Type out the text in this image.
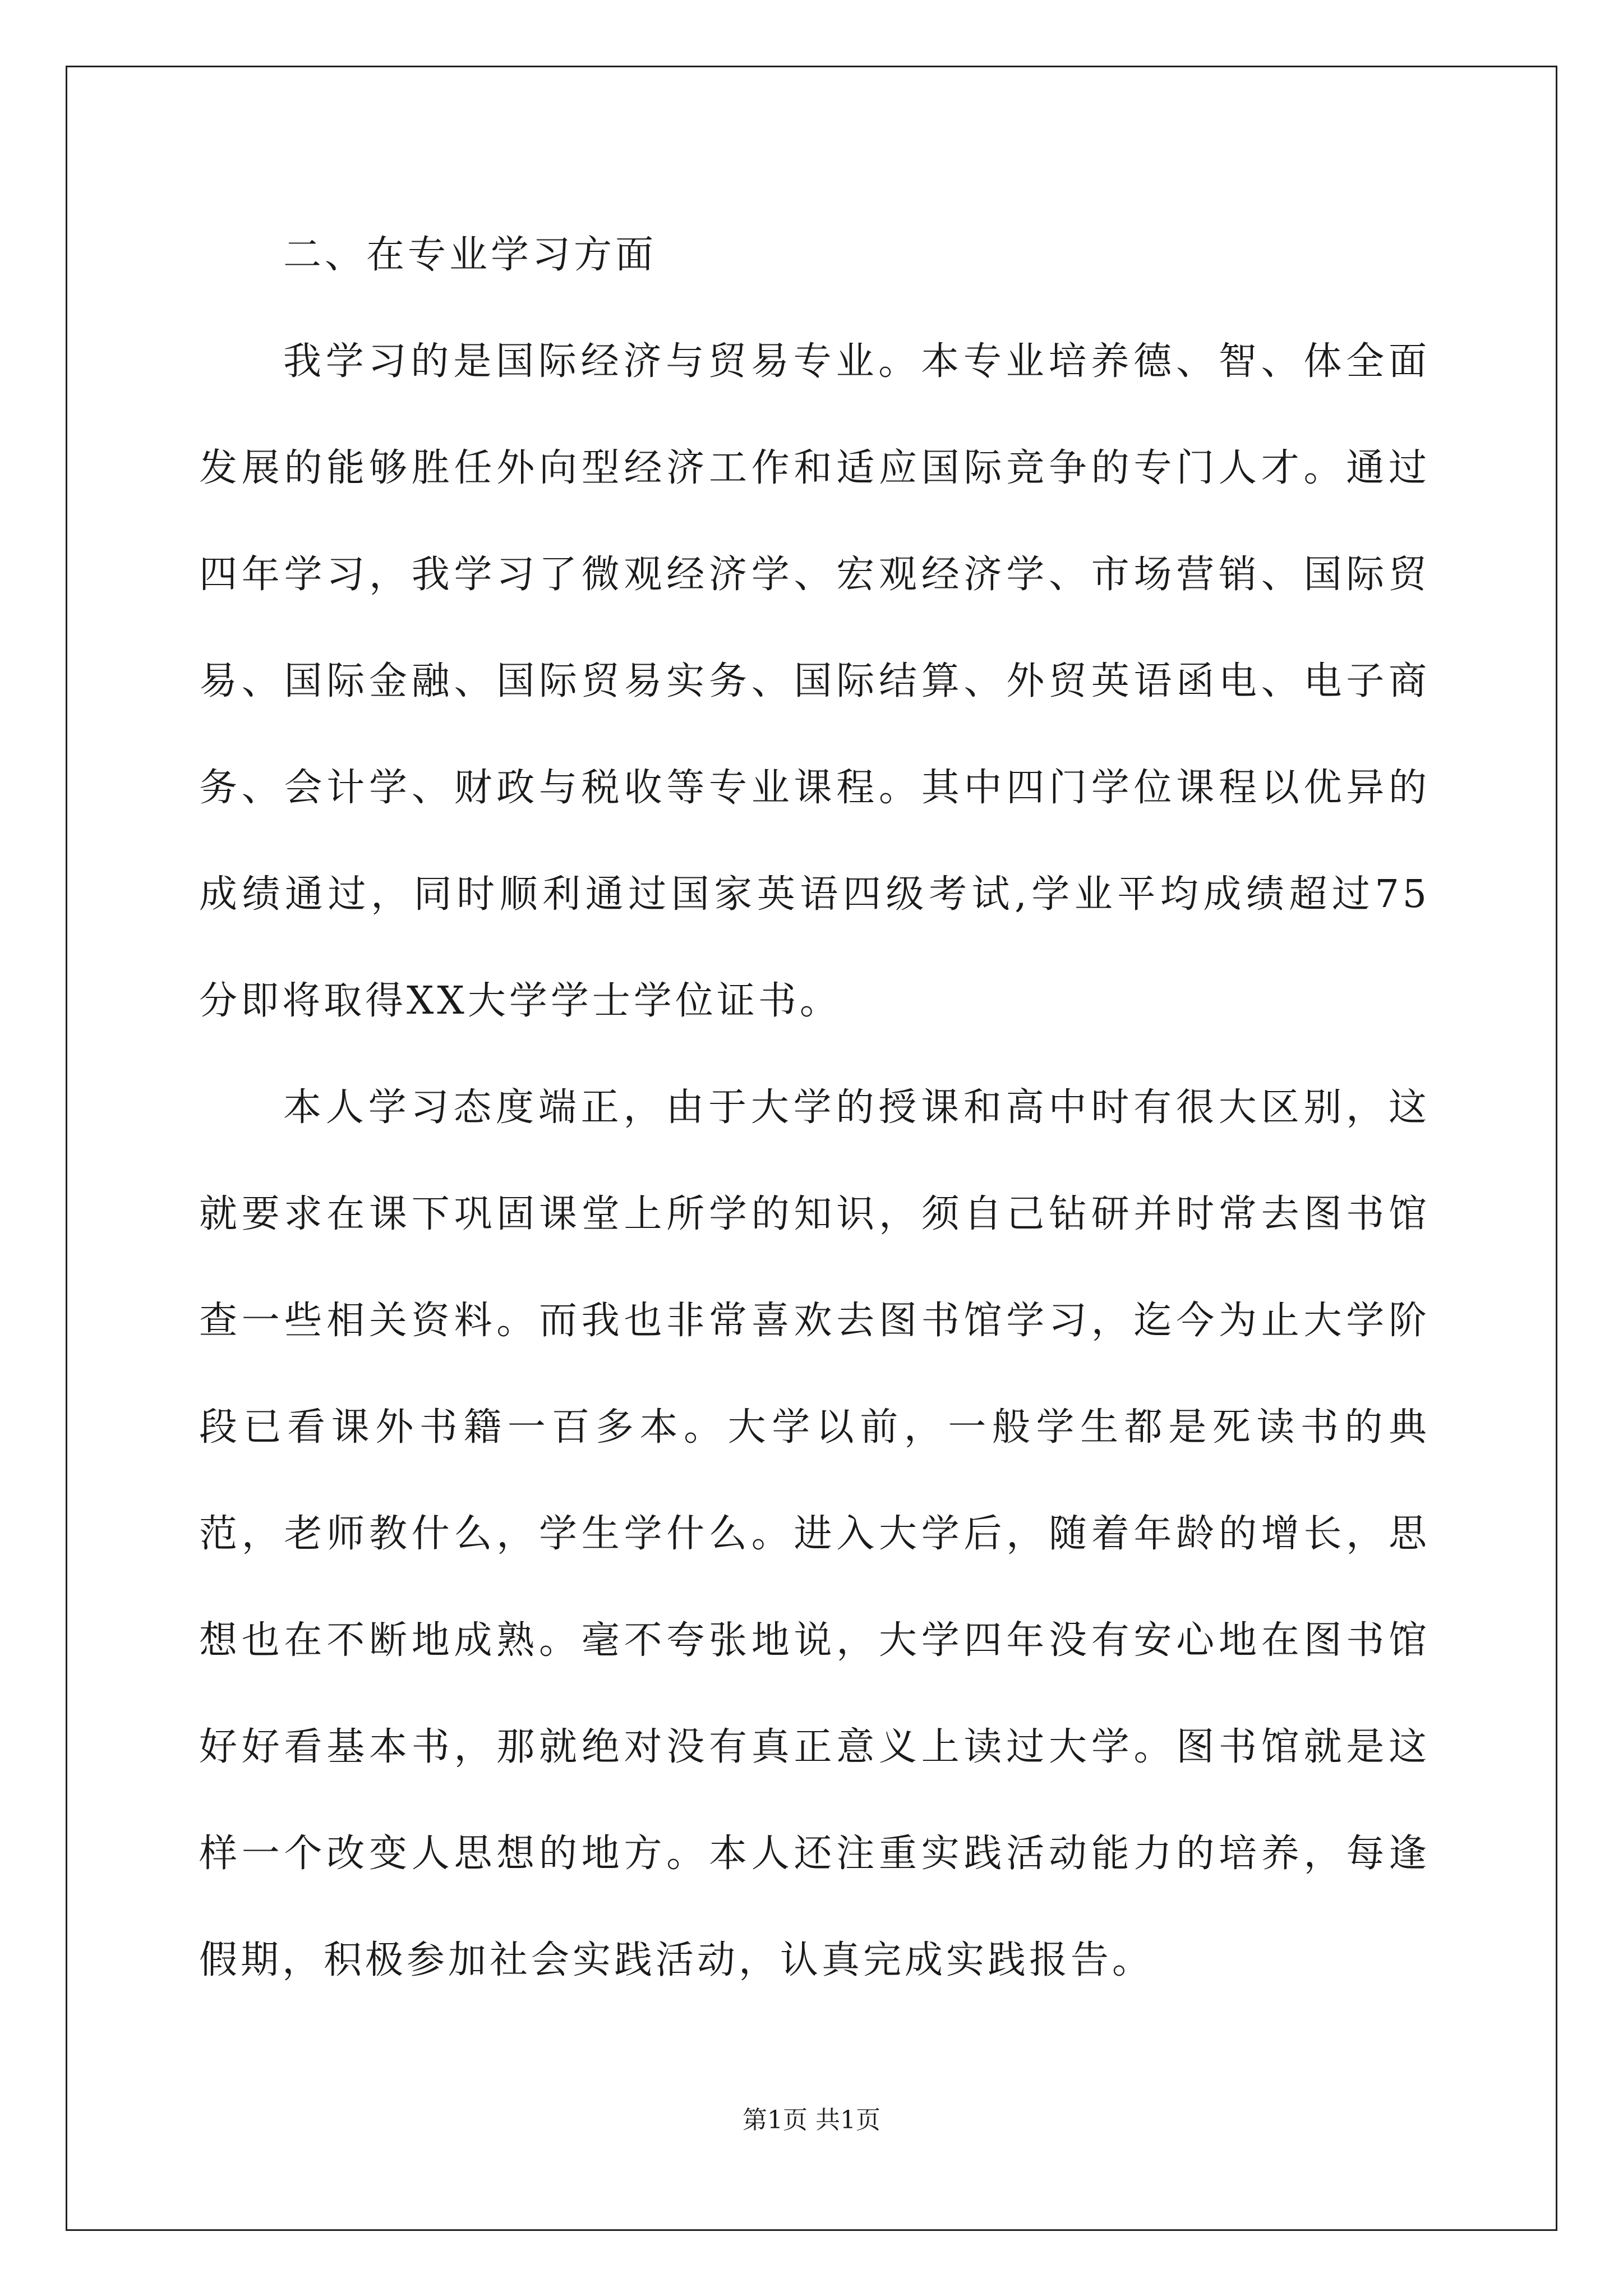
二、在专业学习方面

我学习的是国际经济与贸易专业。本专业培养德、智、体全面发展的能够胜任外向型经济工作和适应国际竞争的专门人才。通过四年学习，我学习了微观经济学、宏观经济学、市场营销、国际贸易、国际金融、国际贸易实务、国际结算、外贸英语函电、电子商务、会计学、财政与税收等专业课程。其中四门学位课程以优异的成绩通过，同时顺利通过国家英语四级考试,学业平均成绩超过75分即将取得XX大学学士学位证书。

本人学习态度端正，由于大学的授课和高中时有很大区别，这就要求在课下巩固课堂上所学的知识，须自己钻研并时常去图书馆查一些相关资料。而我也非常喜欢去图书馆学习，迄今为止大学阶段已看课外书籍一百多本。大学以前，一般学生都是死读书的典范，老师教什么，学生学什么。进入大学后，随着年龄的增长，思想也在不断地成熟。毫不夸张地说，大学四年没有安心地在图书馆好好看基本书，那就绝对没有真正意义上读过大学。图书馆就是这样一个改变人思想的地方。本人还注重实践活动能力的培养，每逢假期，积极参加社会实践活动，认真完成实践报告。

第1页 共1页
